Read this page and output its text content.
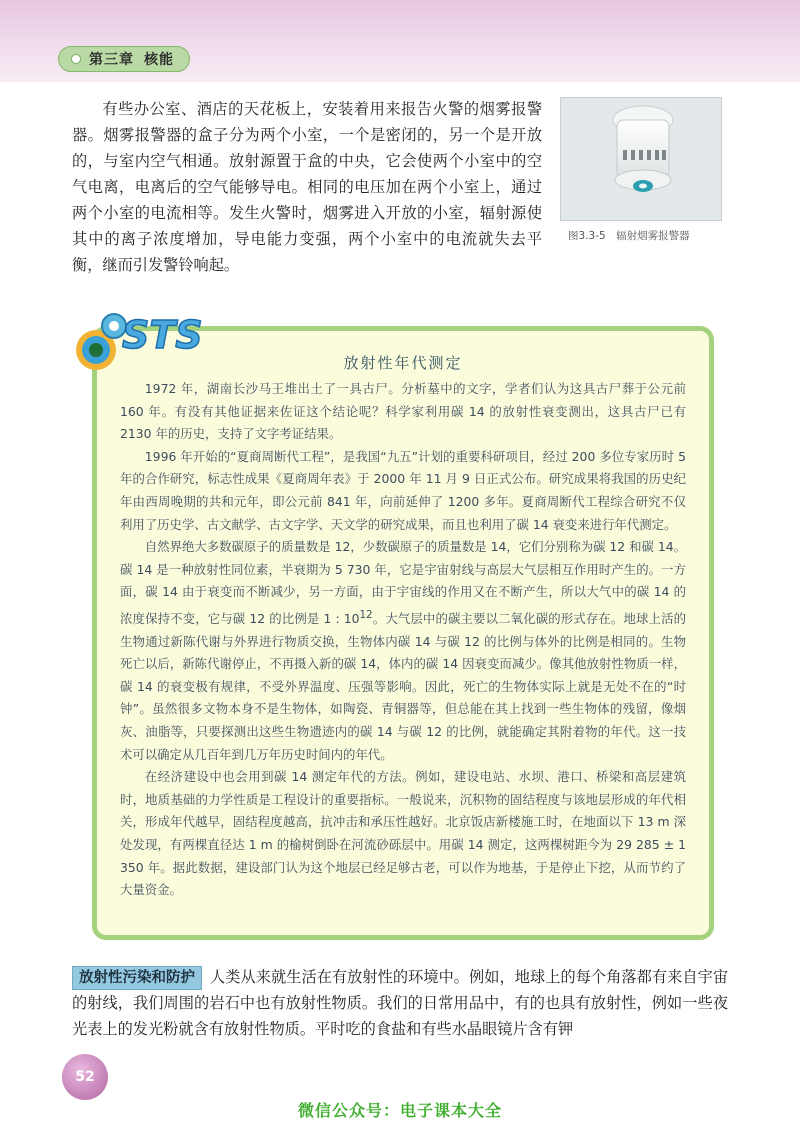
第三章 核能
有些办公室、酒店的天花板上，安装着用来报告火警的烟雾报警器。烟雾报警器的盒子分为两个小室，一个是密闭的，另一个是开放的，与室内空气相通。放射源置于盒的中央，它会使两个小室中的空气电离，电离后的空气能够导电。相同的电压加在两个小室上，通过两个小室的电流相等。发生火警时，烟雾进入开放的小室，辐射源使其中的离子浓度增加，导电能力变强，两个小室中的电流就失去平衡，继而引发警铃响起。
图3.3-5　辐射烟雾报警器
STS
放射性年代测定

1972 年，湖南长沙马王堆出土了一具古尸。分析墓中的文字，学者们认为这具古尸葬于公元前 160 年。有没有其他证据来佐证这个结论呢？科学家利用碳 14 的放射性衰变测出，这具古尸已有 2130 年的历史，支持了文字考证结果。

1996 年开始的“夏商周断代工程”，是我国“九五”计划的重要科研项目，经过 200 多位专家历时 5 年的合作研究，标志性成果《夏商周年表》于 2000 年 11 月 9 日正式公布。研究成果将我国的历史纪年由西周晚期的共和元年，即公元前 841 年，向前延伸了 1200 多年。夏商周断代工程综合研究不仅利用了历史学、古文献学、古文字学、天文学的研究成果，而且也利用了碳 14 衰变来进行年代测定。

自然界绝大多数碳原子的质量数是 12，少数碳原子的质量数是 14，它们分别称为碳 12 和碳 14。碳 14 是一种放射性同位素，半衰期为 5 730 年，它是宇宙射线与高层大气层相互作用时产生的。一方面，碳 14 由于衰变而不断减少，另一方面，由于宇宙线的作用又在不断产生，所以大气中的碳 14 的浓度保持不变，它与碳 12 的比例是 1 : $10^{12}$。大气层中的碳主要以二氧化碳的形式存在。地球上活的生物通过新陈代谢与外界进行物质交换，生物体内碳 14 与碳 12 的比例与体外的比例是相同的。生物死亡以后，新陈代谢停止，不再摄入新的碳 14，体内的碳 14 因衰变而减少。像其他放射性物质一样，碳 14 的衰变极有规律，不受外界温度、压强等影响。因此，死亡的生物体实际上就是无处不在的“时钟”。虽然很多文物本身不是生物体，如陶瓷、青铜器等，但总能在其上找到一些生物体的残留，像烟灰、油脂等，只要探测出这些生物遗迹内的碳 14 与碳 12 的比例，就能确定其附着物的年代。这一技术可以确定从几百年到几万年历史时间内的年代。

在经济建设中也会用到碳 14 测定年代的方法。例如，建设电站、水坝、港口、桥梁和高层建筑时，地质基础的力学性质是工程设计的重要指标。一般说来，沉积物的固结程度与该地层形成的年代相关，形成年代越早，固结程度越高，抗冲击和承压性越好。北京饭店新楼施工时，在地面以下 13 m 深处发现，有两棵直径达 1 m 的榆树倒卧在河流砂砾层中。用碳 14 测定，这两棵树距今为 29 285 ± 1 350 年。据此数据，建设部门认为这个地层已经足够古老，可以作为地基，于是停止下挖，从而节约了大量资金。

放射性污染和防护 人类从来就生活在有放射性的环境中。例如，地球上的每个角落都有来自宇宙的射线，我们周围的岩石中也有放射性物质。我们的日常用品中，有的也具有放射性，例如一些夜光表上的发光粉就含有放射性物质。平时吃的食盐和有些水晶眼镜片含有钾
52
微信公众号：电子课本大全
